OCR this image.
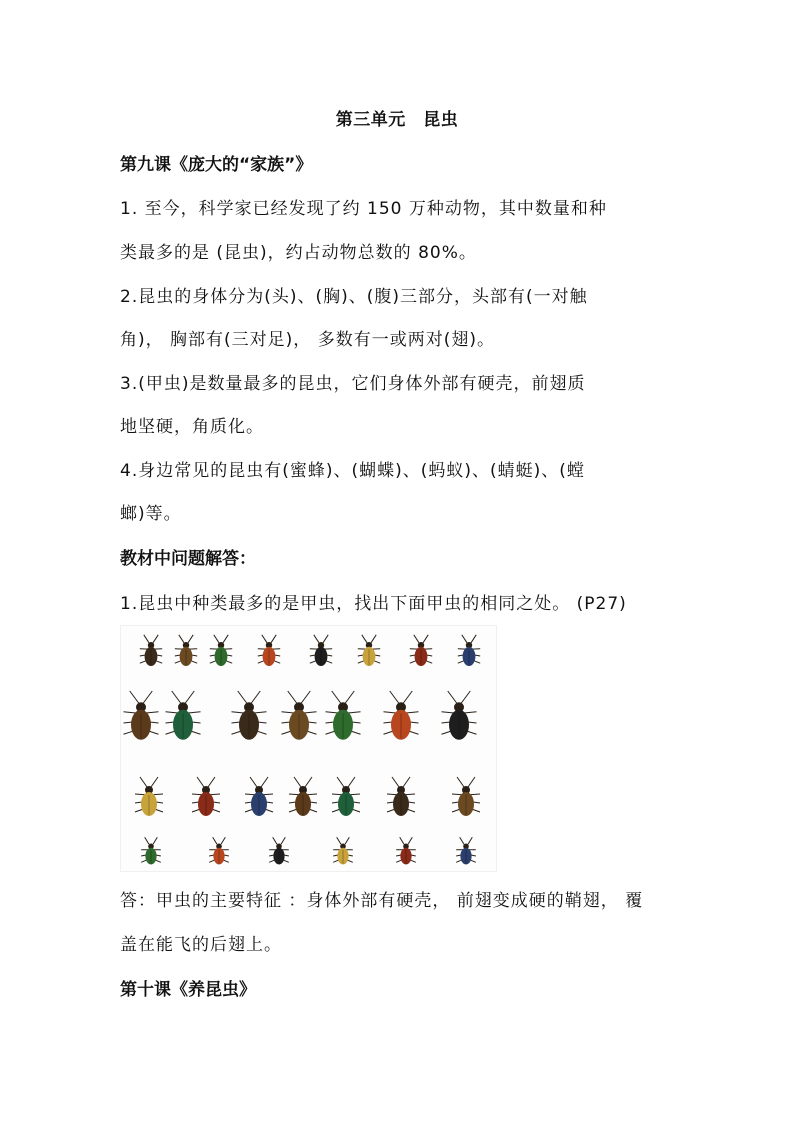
第三单元　昆虫
第九课《庞大的“家族”》
1. 至今，科学家已经发现了约 150 万种动物，其中数量和种
类最多的是 (昆虫)，约占动物总数的 80%。
2.昆虫的身体分为(头)、(胸)、(腹)三部分，头部有(一对触
角)， 胸部有(三对足)， 多数有一或两对(翅)。
3.(甲虫)是数量最多的昆虫，它们身体外部有硬壳，前翅质
地坚硬，角质化。
4.身边常见的昆虫有(蜜蜂)、(蝴蝶)、(蚂蚁)、(蜻蜓)、(螳
螂)等。
教材中问题解答：
1.昆虫中种类最多的是甲虫，找出下面甲虫的相同之处。 (P27)
答：甲虫的主要特征 ：身体外部有硬壳， 前翅变成硬的鞘翅， 覆
盖在能飞的后翅上。
第十课《养昆虫》
